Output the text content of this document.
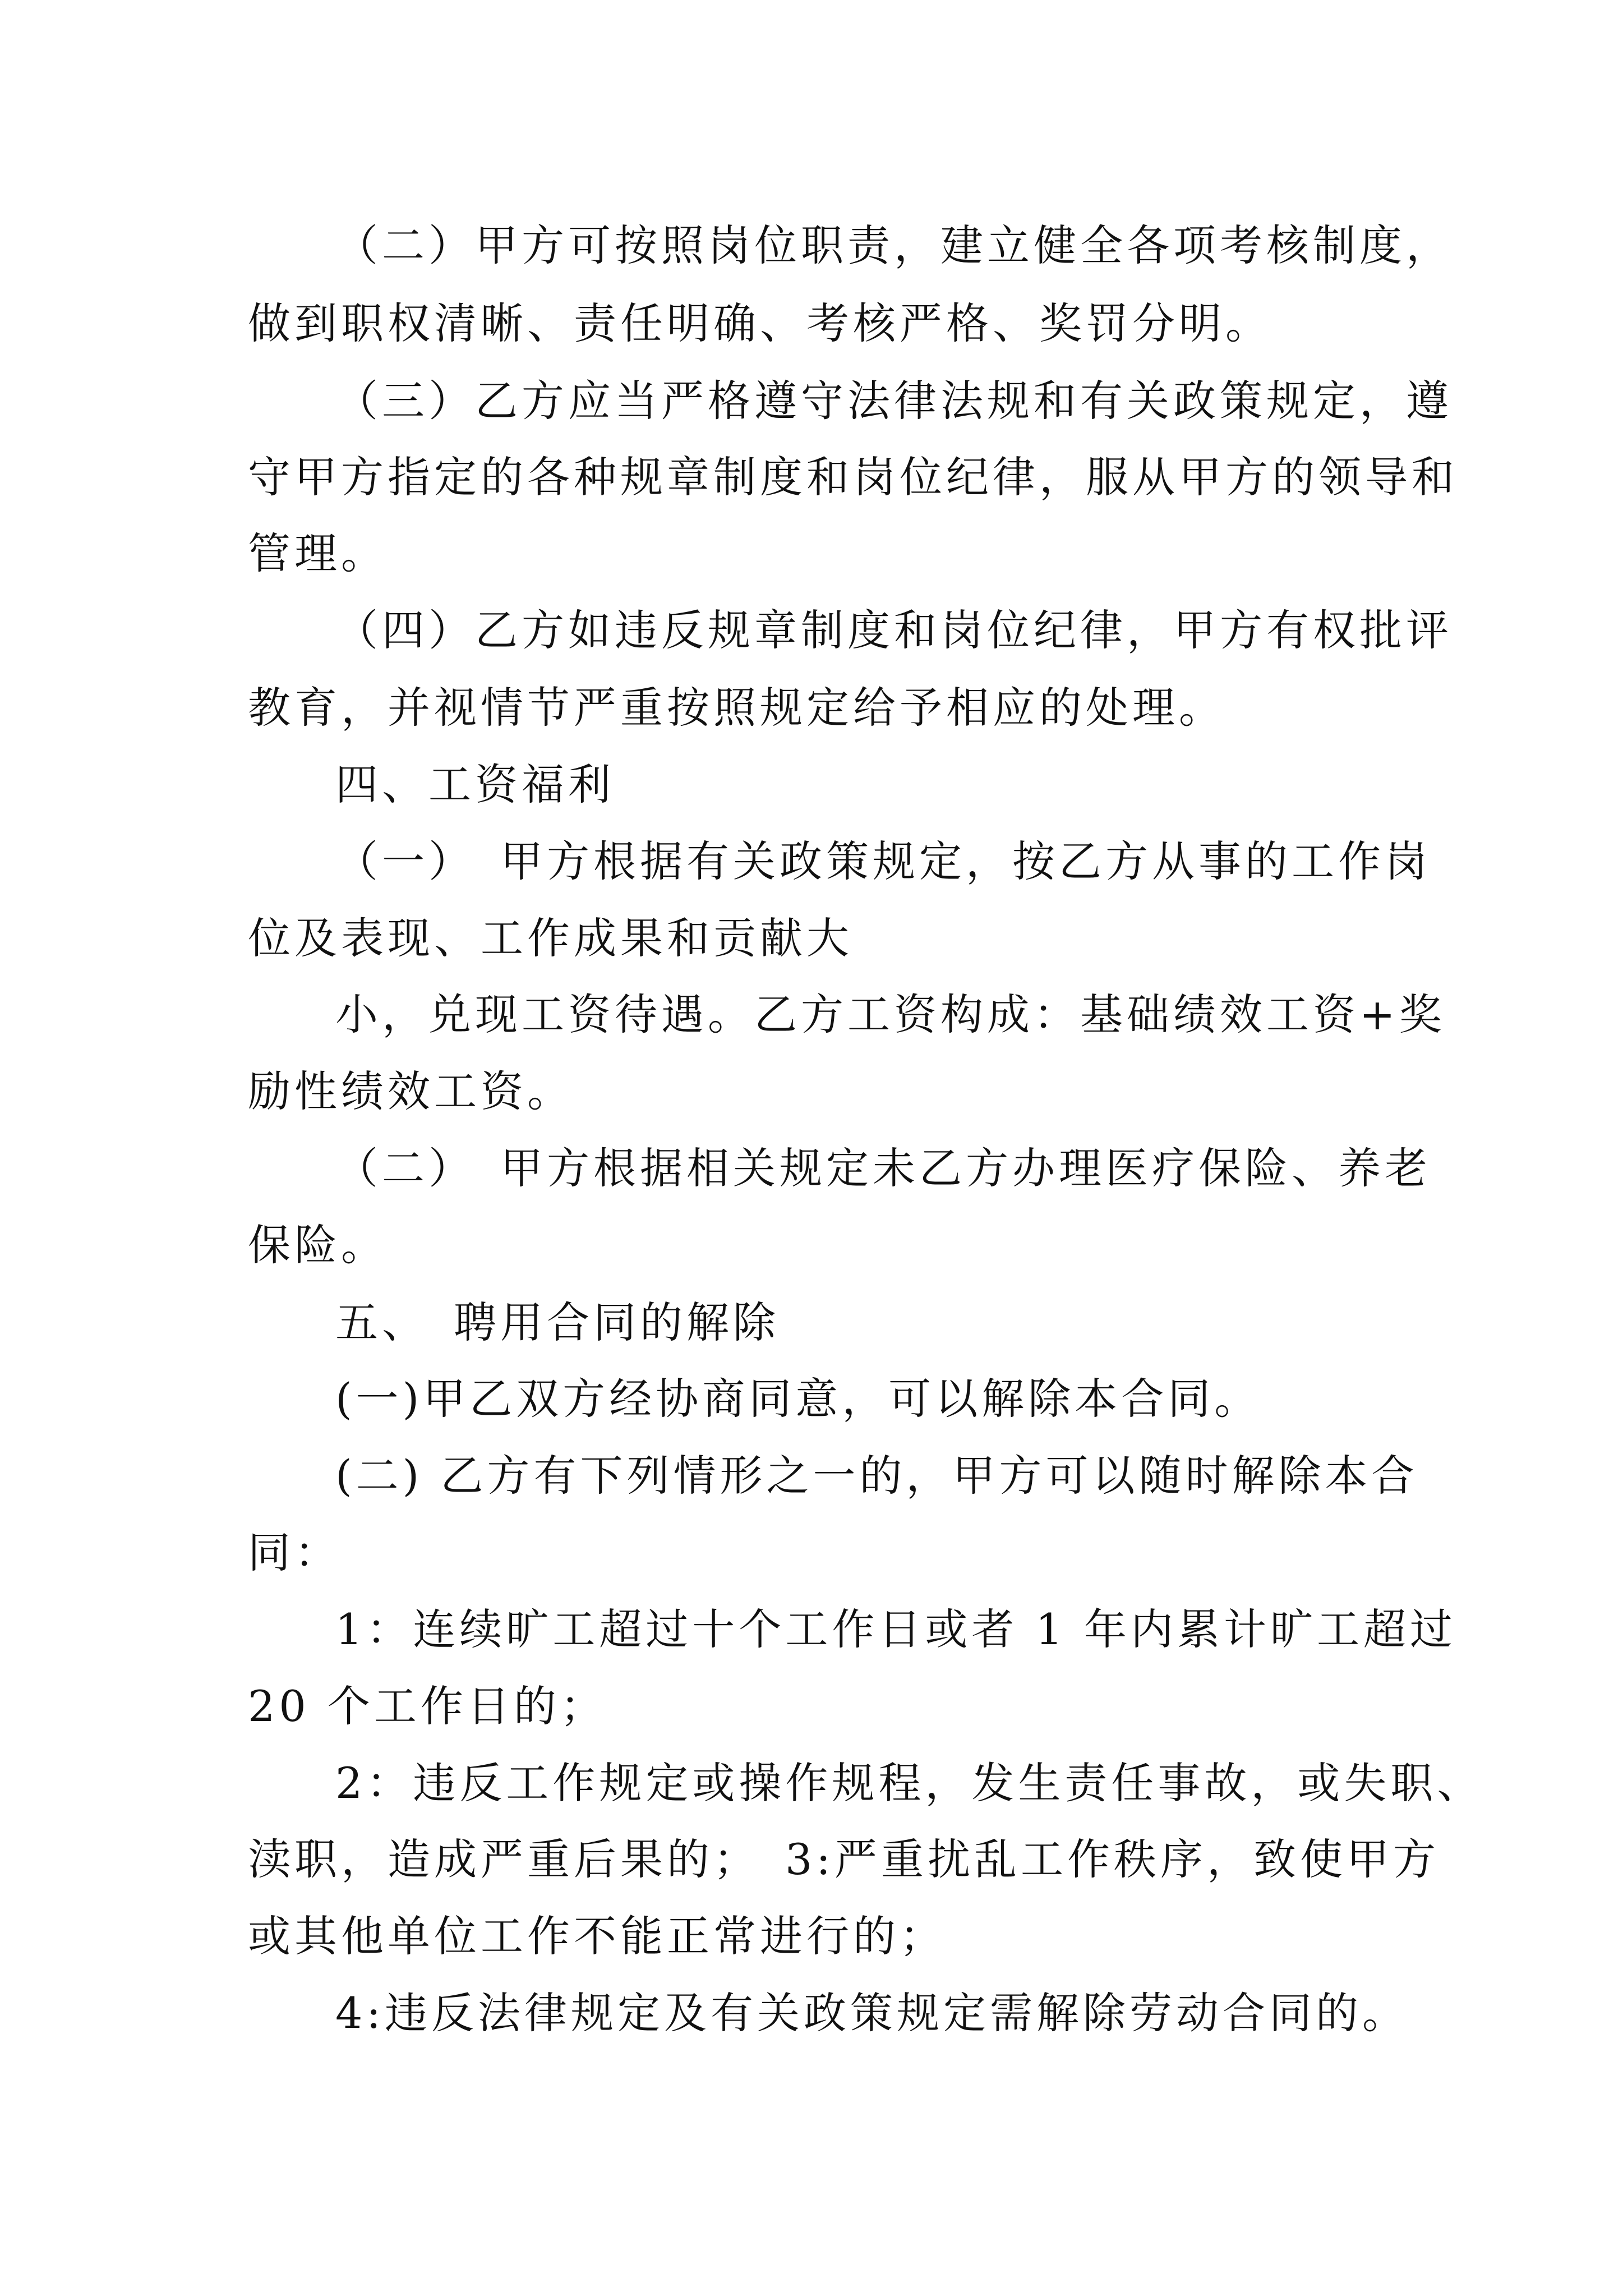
（二）甲方可按照岗位职责，建立健全各项考核制度，
做到职权清晰、责任明确、考核严格、奖罚分明。
（三）乙方应当严格遵守法律法规和有关政策规定，遵
守甲方指定的各种规章制度和岗位纪律，服从甲方的领导和
管理。
（四）乙方如违反规章制度和岗位纪律，甲方有权批评
教育，并视情节严重按照规定给予相应的处理。
四、工资福利
（一）　甲方根据有关政策规定，按乙方从事的工作岗
位及表现、工作成果和贡献大
小，兑现工资待遇。乙方工资构成：基础绩效工资+奖
励性绩效工资。
（二）　甲方根据相关规定未乙方办理医疗保险、养老
保险。
五、　聘用合同的解除
(一)甲乙双方经协商同意，可以解除本合同。
(二) 乙方有下列情形之一的，甲方可以随时解除本合
同：
1：连续旷工超过十个工作日或者 1 年内累计旷工超过
20 个工作日的；
2：违反工作规定或操作规程，发生责任事故，或失职、
渎职，造成严重后果的；　3:严重扰乱工作秩序，致使甲方
或其他单位工作不能正常进行的；
4:违反法律规定及有关政策规定需解除劳动合同的。
